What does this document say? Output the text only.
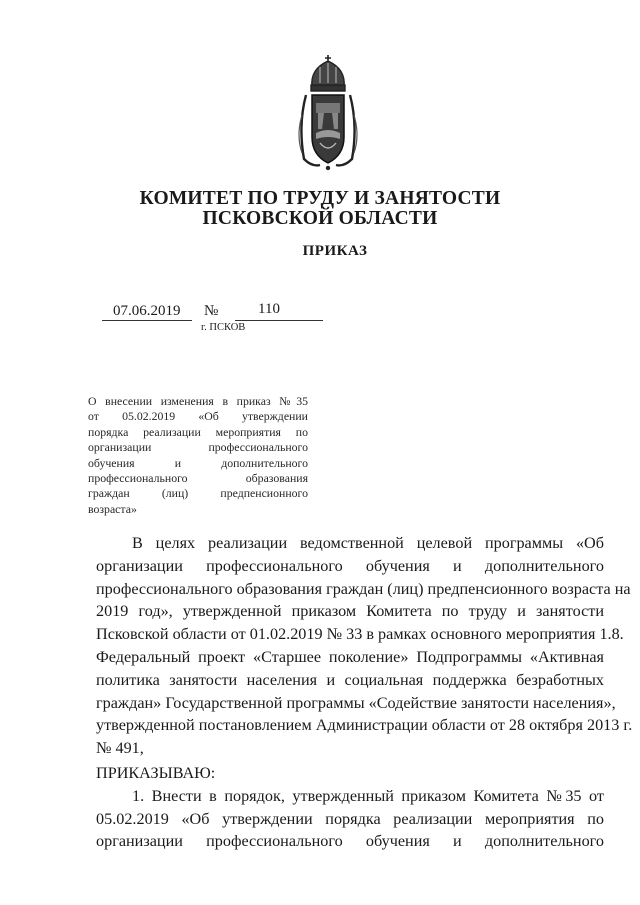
КОМИТЕТ ПО ТРУДУ И ЗАНЯТОСТИ
ПСКОВСКОЙ ОБЛАСТИ
ПРИКАЗ
07.06.2019 №	110
г. ПСКОВ
О внесении изменения в приказ №35
от 05.02.2019 «Об утверждении
порядка реализации мероприятия по
организации профессионального
обучения и дополнительного
профессионального образования
граждан (лиц) предпенсионного
возраста»
В целях реализации ведомственной целевой программы «Об
организации профессионального обучения и дополнительного
профессионального образования граждан (лиц) предпенсионного возраста на
2019 год», утвержденной приказом Комитета по труду и занятости
Псковской области от 01.02.2019 № 33 в рамках основного мероприятия 1.8.
Федеральный проект «Старшее поколение» Подпрограммы «Активная
политика занятости населения и социальная поддержка безработных
граждан» Государственной программы «Содействие занятости населения»,
утвержденной постановлением Администрации области от 28 октября 2013 г.
№ 491,
ПРИКАЗЫВАЮ:
1. Внести в порядок, утвержденный приказом Комитета №35 от
05.02.2019 «Об утверждении порядка реализации мероприятия по
организации профессионального обучения и дополнительного
